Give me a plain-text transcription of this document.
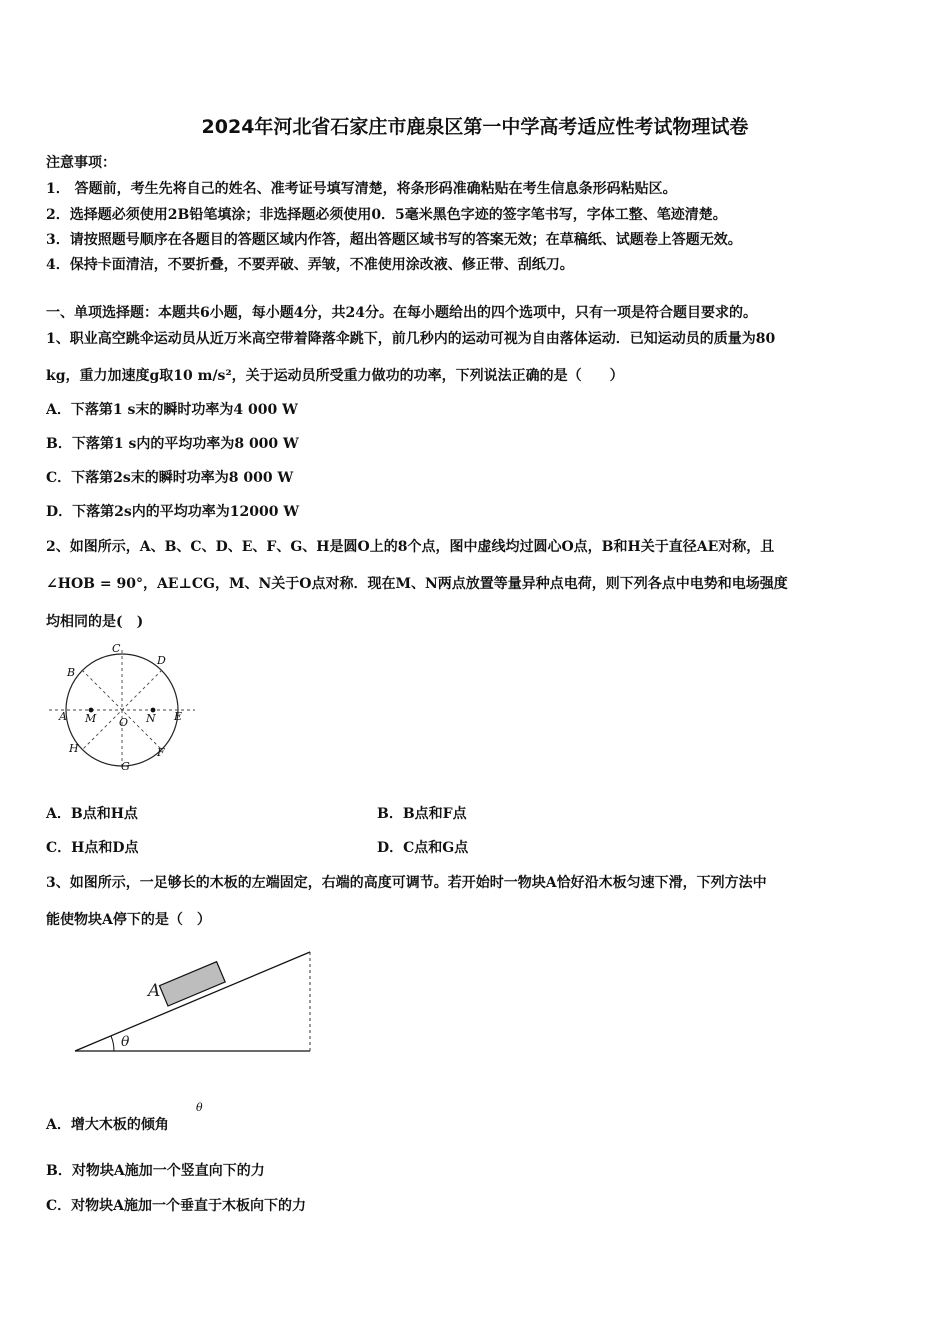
2024年河北省石家庄市鹿泉区第一中学高考适应性考试物理试卷
注意事项：
1． 答题前，考生先将自己的姓名、准考证号填写清楚，将条形码准确粘贴在考生信息条形码粘贴区。
2．选择题必须使用2B铅笔填涂；非选择题必须使用0．5毫米黑色字迹的签字笔书写，字体工整、笔迹清楚。
3．请按照题号顺序在各题目的答题区域内作答，超出答题区域书写的答案无效；在草稿纸、试题卷上答题无效。
4．保持卡面清洁，不要折叠，不要弄破、弄皱，不准使用涂改液、修正带、刮纸刀。
一、单项选择题：本题共6小题，每小题4分，共24分。在每小题给出的四个选项中，只有一项是符合题目要求的。
1、职业高空跳伞运动员从近万米高空带着降落伞跳下，前几秒内的运动可视为自由落体运动．已知运动员的质量为80
kg，重力加速度g取10 m/s²，关于运动员所受重力做功的功率，下列说法正确的是（　　）
A．下落第1 s末的瞬时功率为4 000 W
B．下落第1 s内的平均功率为8 000 W
C．下落第2s末的瞬时功率为8 000 W
D．下落第2s内的平均功率为12000 W
2、如图所示，A、B、C、D、E、F、G、H是圆O上的8个点，图中虚线均过圆心O点，B和H关于直径AE对称，且
∠HOB = 90°，AE⊥CG，M、N关于O点对称．现在M、N两点放置等量异种点电荷，则下列各点中电势和电场强度
均相同的是(　)
C
D
B
A M O N E
H	F
G
A．B点和H点	B．B点和F点
C．H点和D点	D．C点和G点
3、如图所示，一足够长的木板的左端固定，右端的高度可调节。若开始时一物块A恰好沿木板匀速下滑，下列方法中
能使物块A停下的是（　）
A
θ
A．增大木板的倾角
θ
B．对物块A施加一个竖直向下的力
C．对物块A施加一个垂直于木板向下的力
